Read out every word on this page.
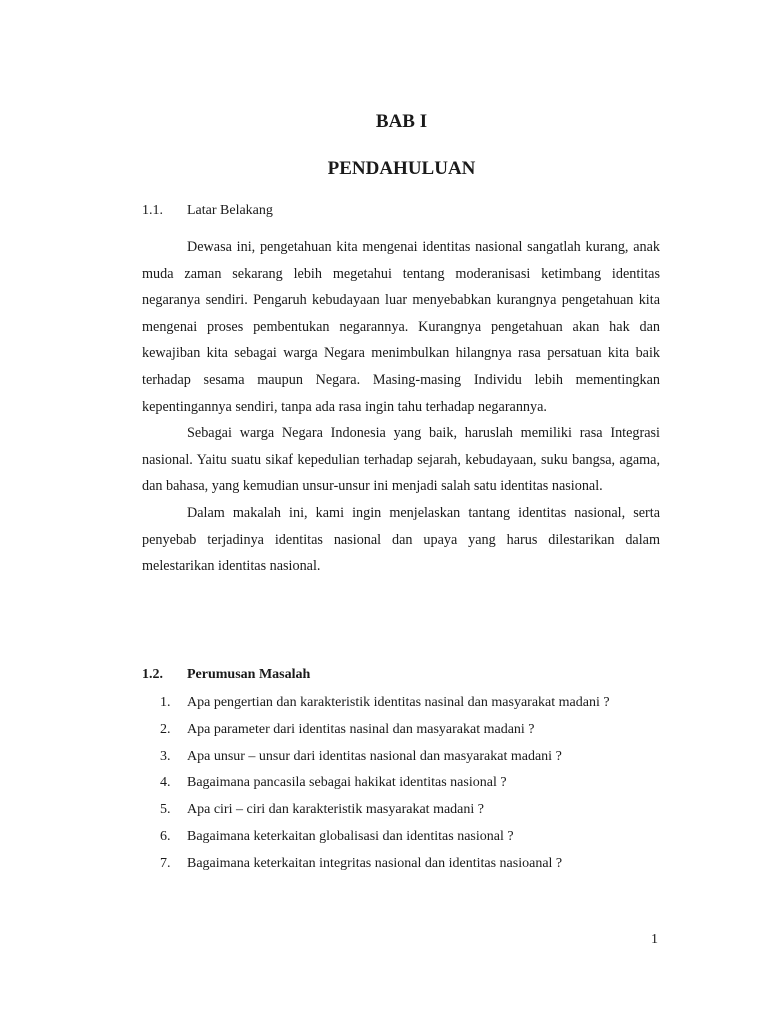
BAB I
PENDAHULUAN
1.1. Latar Belakang

Dewasa ini, pengetahuan kita mengenai identitas nasional sangatlah kurang, anak muda zaman sekarang lebih megetahui tentang moderanisasi ketimbang identitas negaranya sendiri. Pengaruh kebudayaan luar menyebabkan kurangnya pengetahuan kita mengenai proses pembentukan negarannya. Kurangnya pengetahuan akan hak dan kewajiban kita sebagai warga Negara menimbulkan hilangnya rasa persatuan kita baik terhadap sesama maupun Negara. Masing-masing Individu lebih mementingkan kepentingannya sendiri, tanpa ada rasa ingin tahu terhadap negarannya.

Sebagai warga Negara Indonesia yang baik, haruslah memiliki rasa Integrasi nasional. Yaitu suatu sikaf kepedulian terhadap sejarah, kebudayaan, suku bangsa, agama, dan bahasa, yang kemudian unsur-unsur ini menjadi salah satu identitas nasional.

Dalam makalah ini, kami ingin menjelaskan tantang identitas nasional, serta penyebab terjadinya identitas nasional dan upaya yang harus dilestarikan dalam melestarikan identitas nasional.

1.2. Perumusan Masalah
1. Apa pengertian dan karakteristik identitas nasinal dan masyarakat madani ?
2. Apa parameter dari identitas nasinal dan masyarakat madani ?
3. Apa unsur – unsur dari identitas nasional dan masyarakat madani ?
4. Bagaimana pancasila sebagai hakikat identitas nasional ?
5. Apa ciri – ciri dan karakteristik masyarakat madani ?
6. Bagaimana keterkaitan globalisasi dan identitas nasional ?
7. Bagaimana keterkaitan integritas nasional dan identitas nasioanal ?

1
